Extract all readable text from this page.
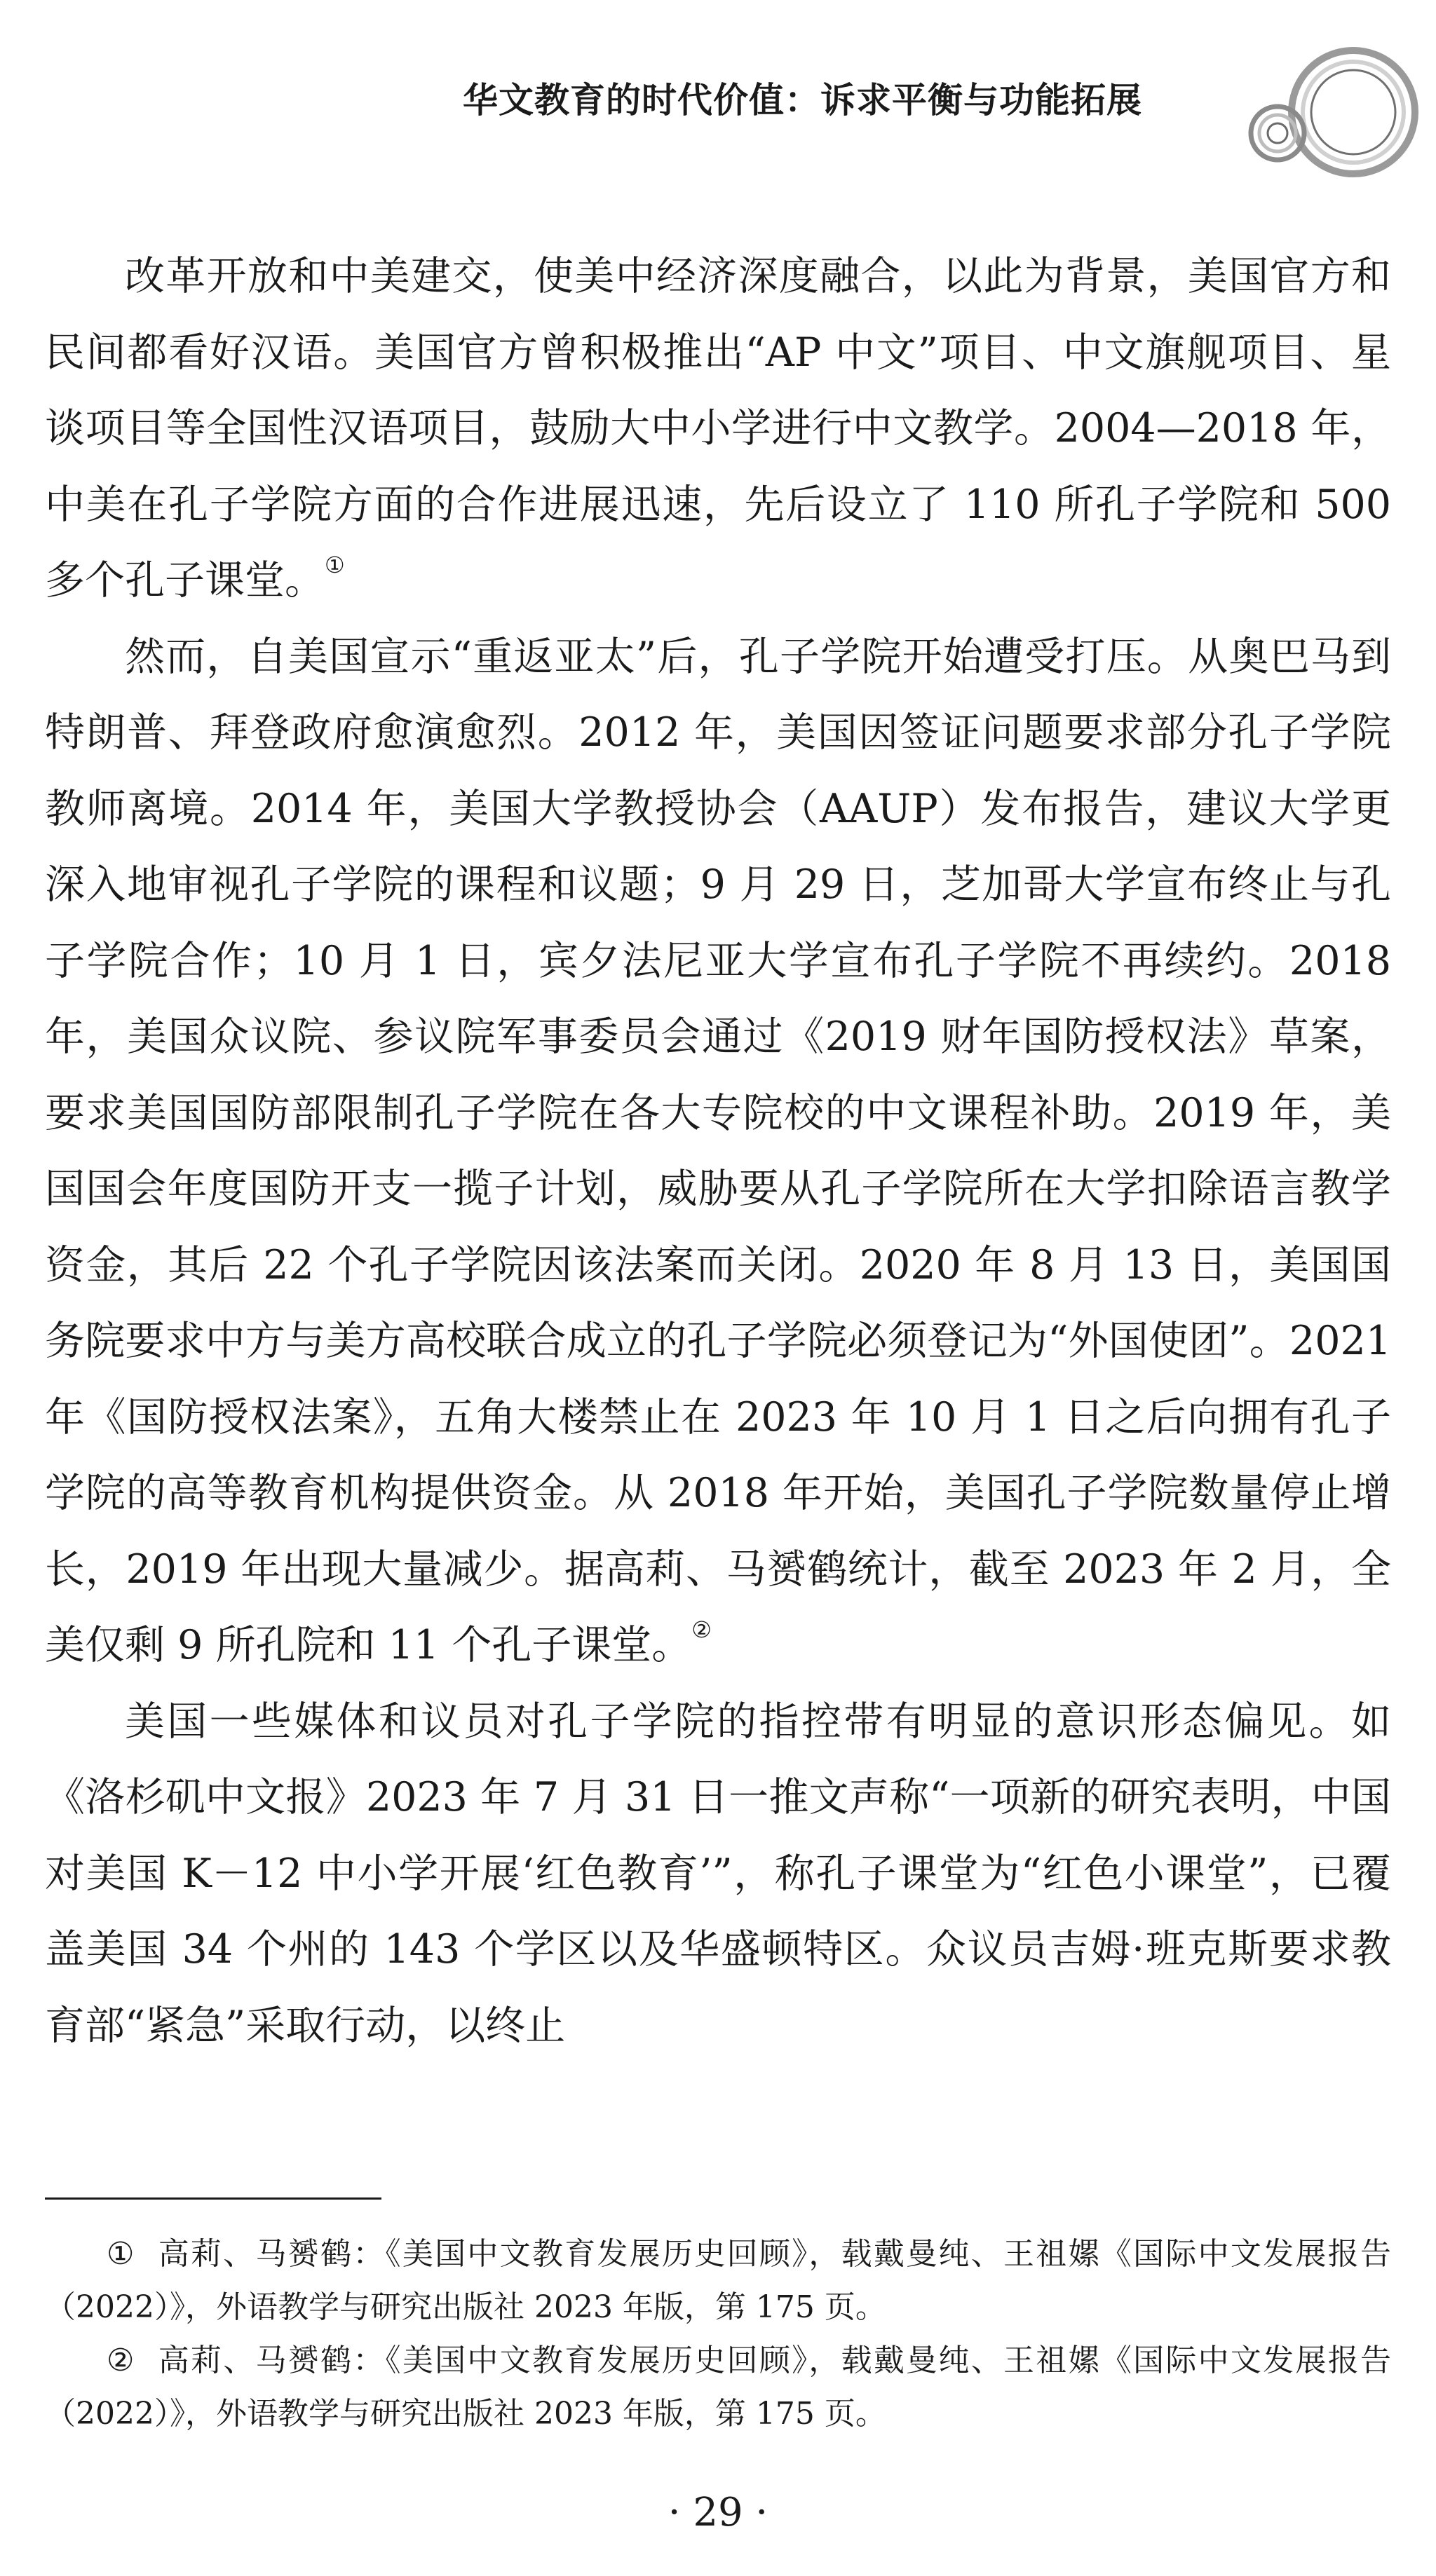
华文教育的时代价值：诉求平衡与功能拓展

改革开放和中美建交，使美中经济深度融合，以此为背景，美国官方和民间都看好汉语。美国官方曾积极推出“AP 中文”项目、中文旗舰项目、星谈项目等全国性汉语项目，鼓励大中小学进行中文教学。2004—2018 年，中美在孔子学院方面的合作进展迅速，先后设立了 110 所孔子学院和 500 多个孔子课堂。①

然而，自美国宣示“重返亚太”后，孔子学院开始遭受打压。从奥巴马到特朗普、拜登政府愈演愈烈。2012 年，美国因签证问题要求部分孔子学院教师离境。2014 年，美国大学教授协会（AAUP）发布报告，建议大学更深入地审视孔子学院的课程和议题；9 月 29 日，芝加哥大学宣布终止与孔子学院合作；10 月 1 日，宾夕法尼亚大学宣布孔子学院不再续约。2018 年，美国众议院、参议院军事委员会通过《2019 财年国防授权法》草案，要求美国国防部限制孔子学院在各大专院校的中文课程补助。2019 年，美国国会年度国防开支一揽子计划，威胁要从孔子学院所在大学扣除语言教学资金，其后 22 个孔子学院因该法案而关闭。2020 年 8 月 13 日，美国国务院要求中方与美方高校联合成立的孔子学院必须登记为“外国使团”。2021 年《国防授权法案》，五角大楼禁止在 2023 年 10 月 1 日之后向拥有孔子学院的高等教育机构提供资金。从 2018 年开始，美国孔子学院数量停止增长，2019 年出现大量减少。据高莉、马赟鹤统计，截至 2023 年 2 月，全美仅剩 9 所孔院和 11 个孔子课堂。②

美国一些媒体和议员对孔子学院的指控带有明显的意识形态偏见。如《洛杉矶中文报》2023 年 7 月 31 日一推文声称“一项新的研究表明，中国对美国 K－12 中小学开展‘红色教育’”，称孔子课堂为“红色小课堂”，已覆盖美国 34 个州的 143 个学区以及华盛顿特区。众议员吉姆·班克斯要求教育部“紧急”采取行动，以终止

① 高莉、马赟鹤：《美国中文教育发展历史回顾》，载戴曼纯、王祖嫘《国际中文发展报告（2022）》，外语教学与研究出版社 2023 年版，第 175 页。

② 高莉、马赟鹤：《美国中文教育发展历史回顾》，载戴曼纯、王祖嫘《国际中文发展报告（2022）》，外语教学与研究出版社 2023 年版，第 175 页。

· 29 ·
